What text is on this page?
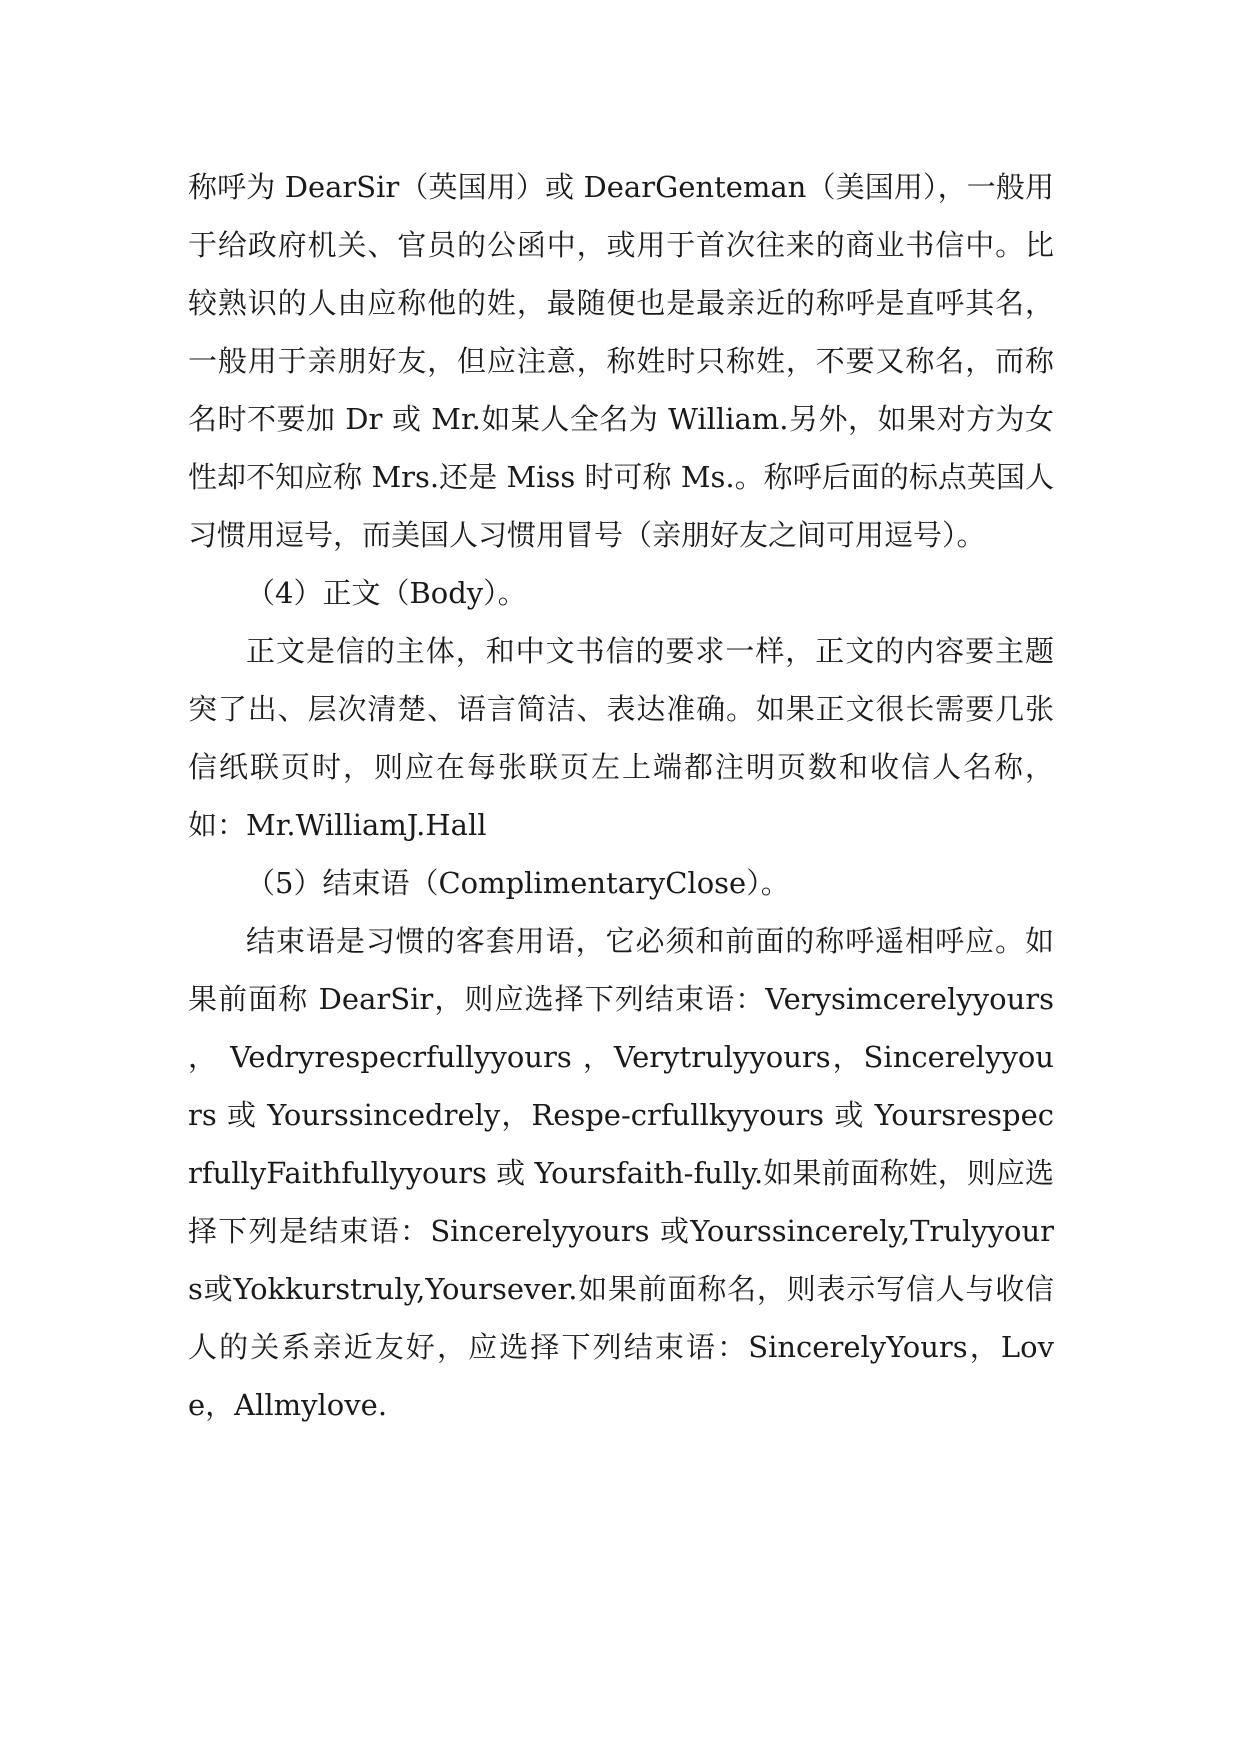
称呼为 DearSir（英国用）或 DearGenteman（美国用），一般用于给政府机关、官员的公函中，或用于首次往来的商业书信中。比较熟识的人由应称他的姓，最随便也是最亲近的称呼是直呼其名，一般用于亲朋好友，但应注意，称姓时只称姓，不要又称名，而称名时不要加 Dr 或 Mr.如某人全名为 William.另外，如果对方为女性却不知应称 Mrs.还是 Miss 时可称 Ms.。称呼后面的标点英国人习惯用逗号，而美国人习惯用冒号（亲朋好友之间可用逗号）。

（4）正文（Body）。

正文是信的主体，和中文书信的要求一样，正文的内容要主题突了出、层次清楚、语言简洁、表达准确。如果正文很长需要几张信纸联页时，则应在每张联页左上端都注明页数和收信人名称，如：Mr.WilliamJ.Hall

（5）结束语（ComplimentaryClose）。

结束语是习惯的客套用语，它必须和前面的称呼遥相呼应。如果前面称 DearSir，则应选择下列结束语：Verysimcerelyyours ， Vedryrespecrfullyyours ，Verytrulyyours，Sincerelyyours 或 Yourssincedrely，Respe-crfullkyyours 或 YoursrespecrfullyFaithfullyyours 或 Yoursfaith-fully.如果前面称姓，则应选择下列是结束语：Sincerelyyours 或Yourssincerely,Trulyyours或Yokkurstruly,Yoursever.如果前面称名，则表示写信人与收信人的关系亲近友好，应选择下列结束语：SincerelyYours，Love，Allmylove.
